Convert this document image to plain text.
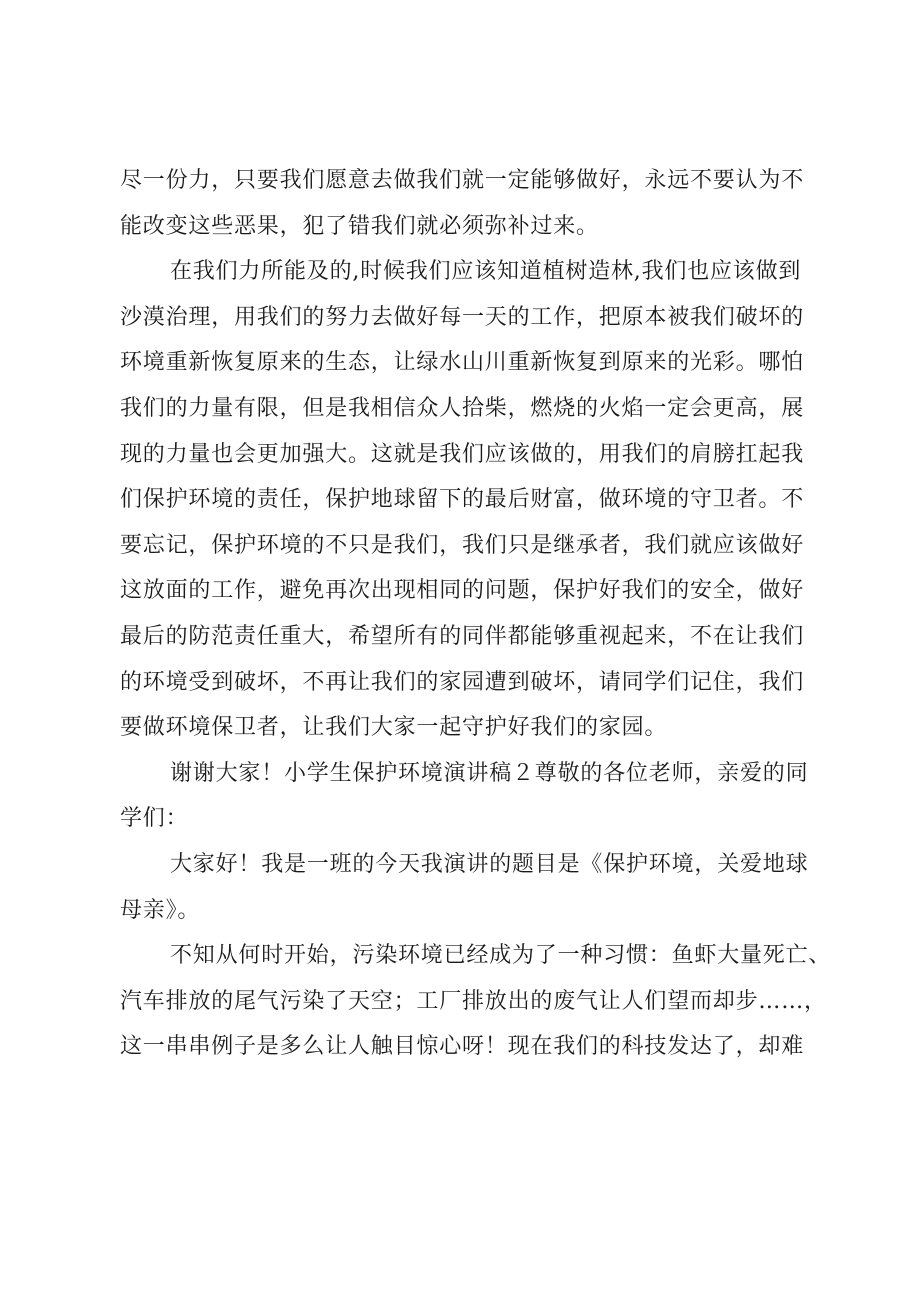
尽一份力，只要我们愿意去做我们就一定能够做好，永远不要认为不
能改变这些恶果，犯了错我们就必须弥补过来。
在我们力所能及的,时候我们应该知道植树造林,我们也应该做到
沙漠治理，用我们的努力去做好每一天的工作，把原本被我们破坏的
环境重新恢复原来的生态，让绿水山川重新恢复到原来的光彩。哪怕
我们的力量有限，但是我相信众人拾柴，燃烧的火焰一定会更高，展
现的力量也会更加强大。这就是我们应该做的，用我们的肩膀扛起我
们保护环境的责任，保护地球留下的最后财富，做环境的守卫者。不
要忘记，保护环境的不只是我们，我们只是继承者，我们就应该做好
这放面的工作，避免再次出现相同的问题，保护好我们的安全，做好
最后的防范责任重大，希望所有的同伴都能够重视起来，不在让我们
的环境受到破坏，不再让我们的家园遭到破坏，请同学们记住，我们
要做环境保卫者，让我们大家一起守护好我们的家园。
谢谢大家！小学生保护环境演讲稿２尊敬的各位老师，亲爱的同
学们：
大家好！我是一班的今天我演讲的题目是《保护环境，关爱地球
母亲》。
不知从何时开始，污染环境已经成为了一种习惯：鱼虾大量死亡、
汽车排放的尾气污染了天空；工厂排放出的废气让人们望而却步……，
这一串串例子是多么让人触目惊心呀！现在我们的科技发达了，却难
